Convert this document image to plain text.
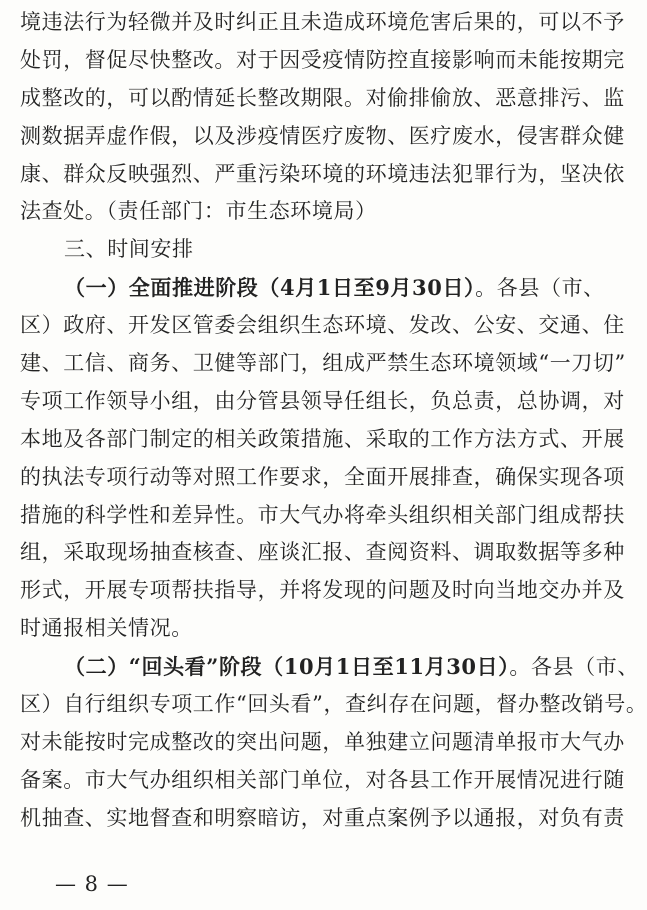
境违法行为轻微并及时纠正且未造成环境危害后果的，可以不予
处罚，督促尽快整改。对于因受疫情防控直接影响而未能按期完
成整改的，可以酌情延长整改期限。对偷排偷放、恶意排污、监
测数据弄虚作假，以及涉疫情医疗废物、医疗废水，侵害群众健
康、群众反映强烈、严重污染环境的环境违法犯罪行为，坚决依
法查处。（责任部门：市生态环境局）
三、时间安排
（一）全面推进阶段（4月1日至9月30日）。各县（市、
区）政府、开发区管委会组织生态环境、发改、公安、交通、住
建、工信、商务、卫健等部门，组成严禁生态环境领域“一刀切”
专项工作领导小组，由分管县领导任组长，负总责，总协调，对
本地及各部门制定的相关政策措施、采取的工作方法方式、开展
的执法专项行动等对照工作要求，全面开展排查，确保实现各项
措施的科学性和差异性。市大气办将牵头组织相关部门组成帮扶
组，采取现场抽查核查、座谈汇报、查阅资料、调取数据等多种
形式，开展专项帮扶指导，并将发现的问题及时向当地交办并及
时通报相关情况。
（二）“回头看”阶段（10月1日至11月30日）。各县（市、
区）自行组织专项工作“回头看”，查纠存在问题，督办整改销号。
对未能按时完成整改的突出问题，单独建立问题清单报市大气办
备案。市大气办组织相关部门单位，对各县工作开展情况进行随
机抽查、实地督查和明察暗访，对重点案例予以通报，对负有责
— 8 —
